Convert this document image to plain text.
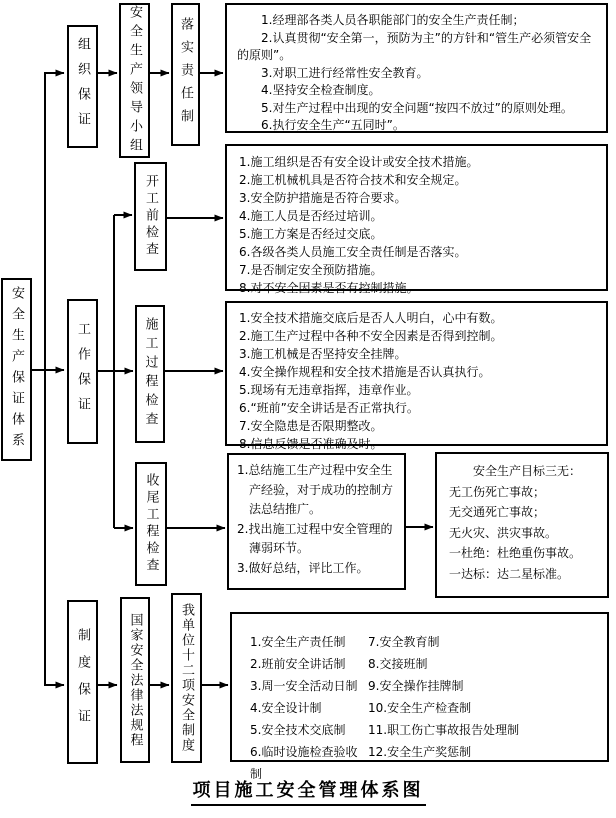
安全生产保证体系
组织保证	安全生产领导小组	落实责任制
工作保证
开工前检查
施工过程检查
收尾工程检查
制度保证	国家安全法律法规程	我单位十二项安全制度

1.经理部各类人员各职能部门的安全生产责任制；

2.认真贯彻“安全第一，预防为主”的方针和“管生产必须管安全的原则”。

3.对职工进行经常性安全教育。

4.坚持安全检查制度。

5.对生产过程中出现的安全问题“按四不放过”的原则处理。

6.执行安全生产“五同时”。

1.施工组织是否有安全设计或安全技术措施。

2.施工机械机具是否符合技术和安全规定。

3.安全防护措施是否符合要求。

4.施工人员是否经过培训。

5.施工方案是否经过交底。

6.各级各类人员施工安全责任制是否落实。

7.是否制定安全预防措施。

8.对不安全因素是否有控制措施。

1.安全技术措施交底后是否人人明白，心中有数。

2.施工生产过程中各种不安全因素是否得到控制。

3.施工机械是否坚持安全挂牌。

4.安全操作规程和安全技术措施是否认真执行。

5.现场有无违章指挥，违章作业。

6.“班前”安全讲话是否正常执行。

7.安全隐患是否限期整改。

8.信息反馈是否准确及时。

1.总结施工生产过程中安全生产经验，对于成功的控制方法总结推广。

2.找出施工过程中安全管理的薄弱环节。

3.做好总结，评比工作。

安全生产目标三无：

无工伤死亡事故；

无交通死亡事故；

无火灾、洪灾事故。

一杜绝：杜绝重伤事故。

一达标：达二星标准。

1.安全生产责任制

2.班前安全讲话制

3.周一安全活动日制

4.安全设计制

5.安全技术交底制

6.临时设施检查验收制

7.安全教育制

8.交接班制

9.安全操作挂牌制

10.安全生产检查制

11.职工伤亡事故报告处理制

12.安全生产奖惩制

项目施工安全管理体系图
